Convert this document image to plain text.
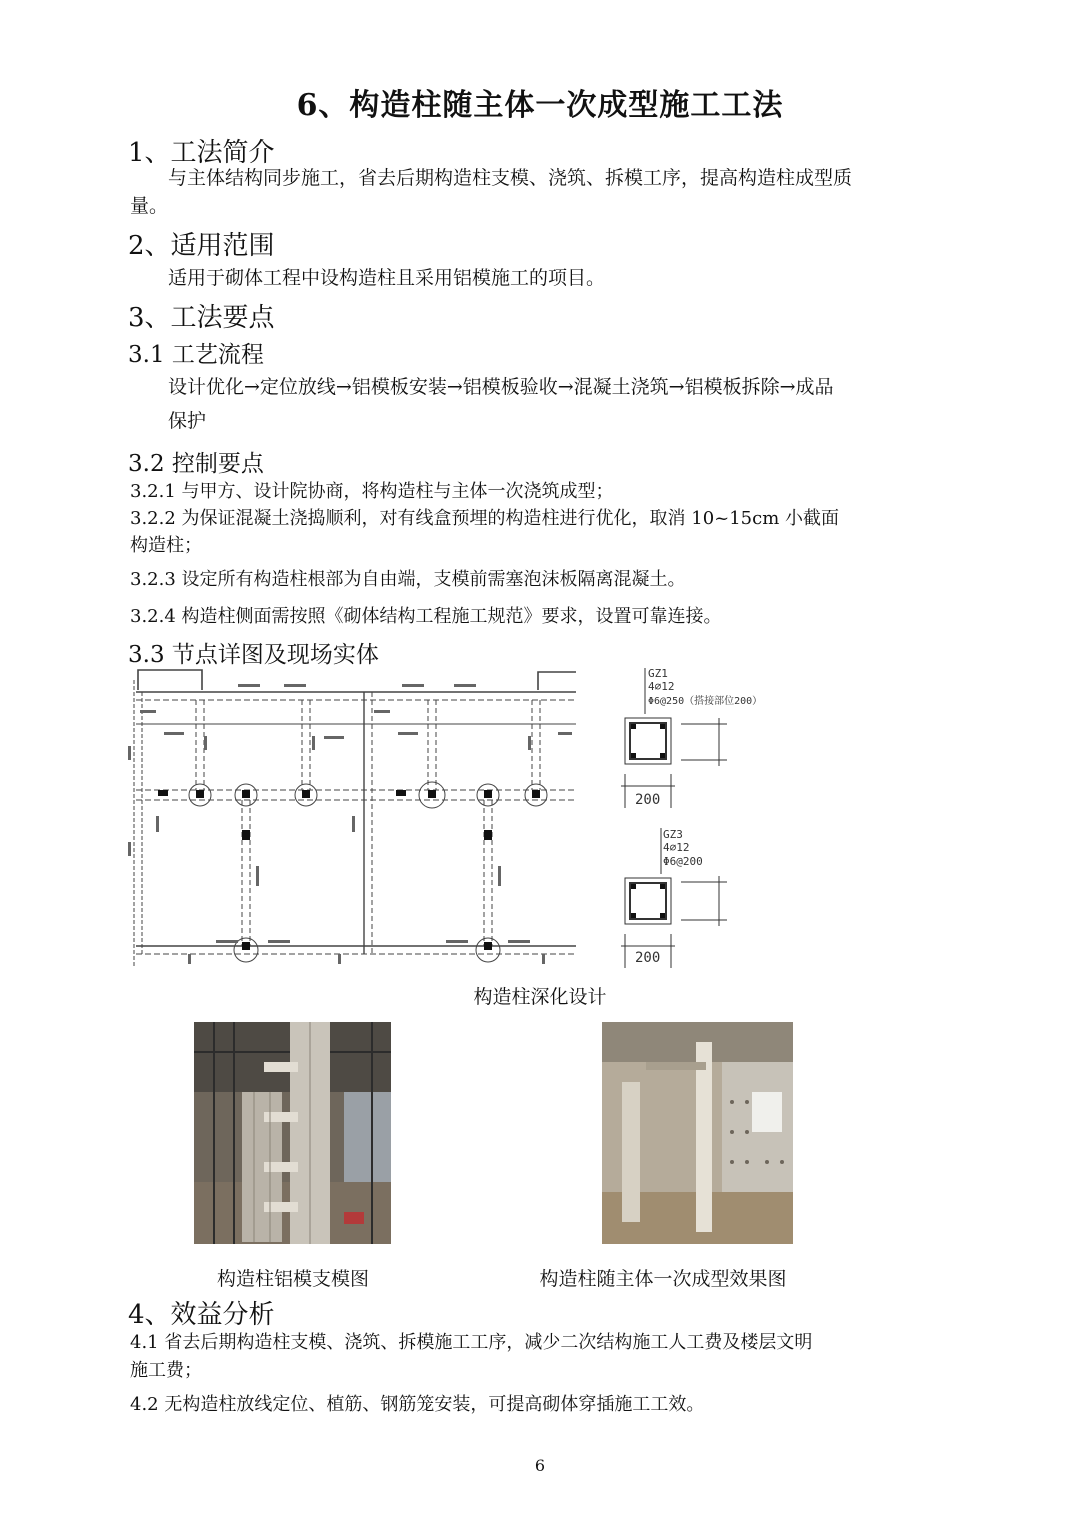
6、构造柱随主体一次成型施工工法
1、工法简介
与主体结构同步施工，省去后期构造柱支模、浇筑、拆模工序，提高构造柱成型质
量。
2、适用范围
适用于砌体工程中设构造柱且采用铝模施工的项目。
3、工法要点
3.1 工艺流程
设计优化→定位放线→铝模板安装→铝模板验收→混凝土浇筑→铝模板拆除→成品
保护
3.2 控制要点
3.2.1 与甲方、设计院协商，将构造柱与主体一次浇筑成型；
3.2.2 为保证混凝土浇捣顺利，对有线盒预埋的构造柱进行优化，取消 10~15cm 小截面
构造柱；
3.2.3 设定所有构造柱根部为自由端，支模前需塞泡沫板隔离混凝土。
3.2.4 构造柱侧面需按照《砌体结构工程施工规范》要求，设置可靠连接。
3.3 节点详图及现场实体
GZ1
4⌀12
Φ6@250（搭接部位200）
200
GZ3
4⌀12
Φ6@200
200
构造柱深化设计
构造柱铝模支模图	构造柱随主体一次成型效果图
4、效益分析
4.1 省去后期构造柱支模、浇筑、拆模施工工序，减少二次结构施工人工费及楼层文明
施工费；
4.2 无构造柱放线定位、植筋、钢筋笼安装，可提高砌体穿插施工工效。
6
